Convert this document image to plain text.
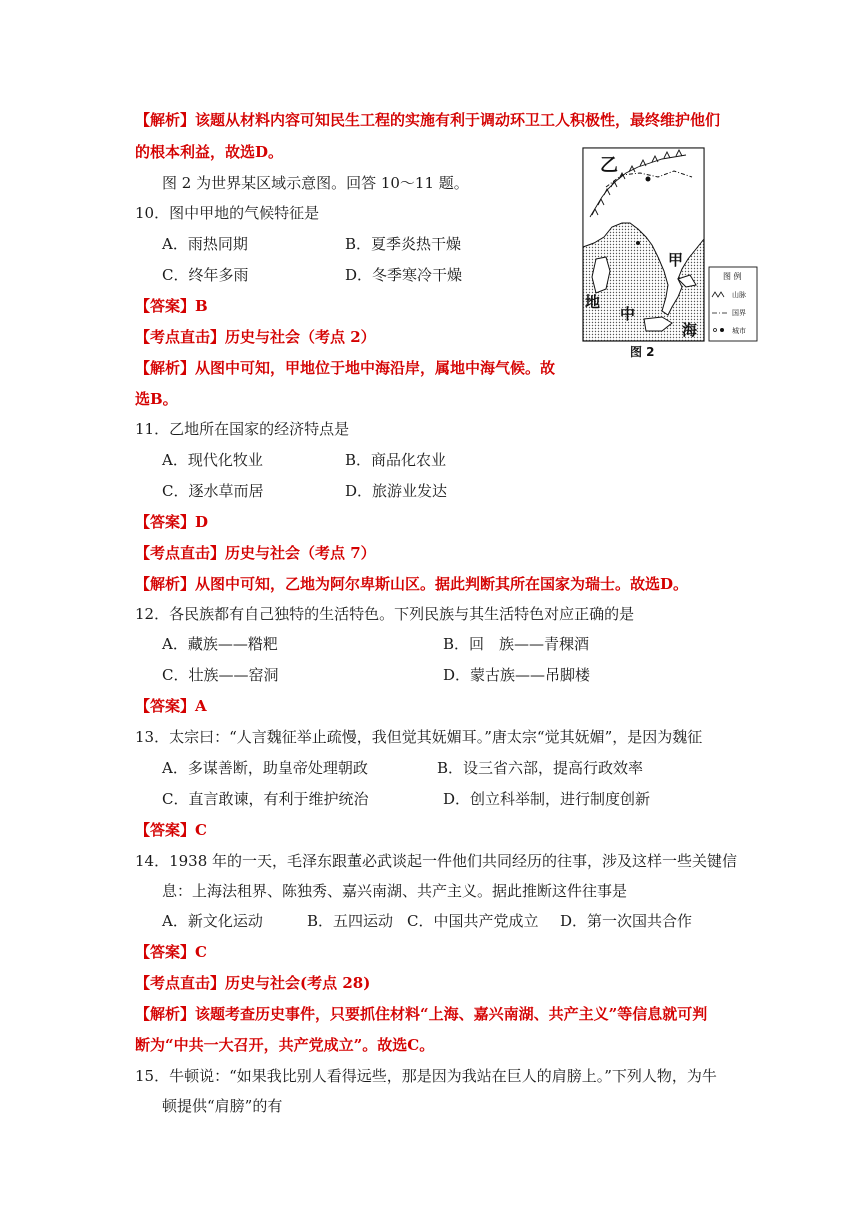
【解析】该题从材料内容可知民生工程的实施有利于调动环卫工人积极性，最终维护他们
的根本利益，故选D。
图 2 为世界某区域示意图。回答 10～11 题。
10．图中甲地的气候特征是
A．雨热同期	B．夏季炎热干燥
C．终年多雨	D．冬季寒冷干燥
【答案】B
【考点直击】历史与社会（考点 2）
【解析】从图中可知，甲地位于地中海沿岸，属地中海气候。故
选B。
11．乙地所在国家的经济特点是
A．现代化牧业	B．商品化农业
C．逐水草而居	D．旅游业发达
【答案】D
【考点直击】历史与社会（考点 7）
【解析】从图中可知，乙地为阿尔卑斯山区。据此判断其所在国家为瑞士。故选D。
12．各民族都有自己独特的生活特色。下列民族与其生活特色对应正确的是
A．藏族——糌粑	B．回　族——青稞酒
C．壮族——窑洞	D．蒙古族——吊脚楼
【答案】A
13．太宗曰：“人言魏征举止疏慢，我但觉其妩媚耳。”唐太宗“觉其妩媚”，是因为魏征
A．多谋善断，助皇帝处理朝政	B．设三省六部，提高行政效率
C．直言敢谏，有利于维护统治	D．创立科举制，进行制度创新
【答案】C
14．1938 年的一天，毛泽东跟董必武谈起一件他们共同经历的往事，涉及这样一些关键信
息：上海法租界、陈独秀、嘉兴南湖、共产主义。据此推断这件往事是
A．新文化运动	B．五四运动 C．中国共产党成立 D．第一次国共合作
【答案】C
【考点直击】历史与社会(考点 28)
【解析】该题考查历史事件，只要抓住材料“上海、嘉兴南湖、共产主义”等信息就可判
断为“中共一大召开，共产党成立”。故选C。
15．牛顿说：“如果我比别人看得远些，那是因为我站在巨人的肩膀上。”下列人物，为牛
顿提供“肩膀”的有
乙
甲
地
中
海
图 2
图 例
山脉
国界
城市
